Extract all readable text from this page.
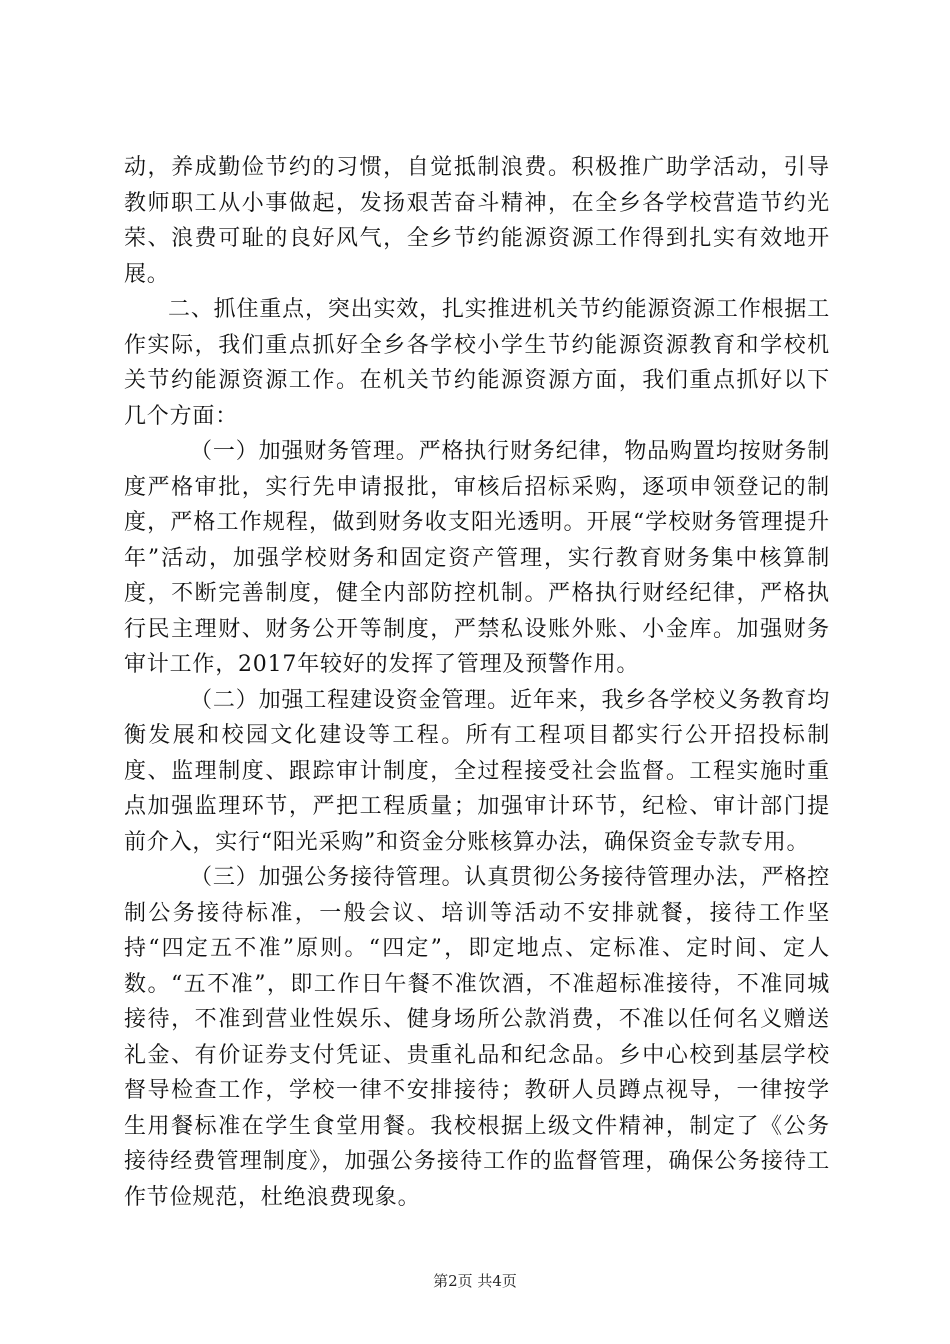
动，养成勤俭节约的习惯，自觉抵制浪费。积极推广助学活动，引导教师职工从小事做起，发扬艰苦奋斗精神，在全乡各学校营造节约光荣、浪费可耻的良好风气，全乡节约能源资源工作得到扎实有效地开展。

二、抓住重点，突出实效，扎实推进机关节约能源资源工作根据工作实际，我们重点抓好全乡各学校小学生节约能源资源教育和学校机关节约能源资源工作。在机关节约能源资源方面，我们重点抓好以下几个方面：

（一）加强财务管理。严格执行财务纪律，物品购置均按财务制度严格审批，实行先申请报批，审核后招标采购，逐项申领登记的制度，严格工作规程，做到财务收支阳光透明。开展“学校财务管理提升年”活动，加强学校财务和固定资产管理，实行教育财务集中核算制度，不断完善制度，健全内部防控机制。严格执行财经纪律，严格执行民主理财、财务公开等制度，严禁私设账外账、小金库。加强财务审计工作，2017年较好的发挥了管理及预警作用。

（二）加强工程建设资金管理。近年来，我乡各学校义务教育均衡发展和校园文化建设等工程。所有工程项目都实行公开招投标制度、监理制度、跟踪审计制度，全过程接受社会监督。工程实施时重点加强监理环节，严把工程质量；加强审计环节，纪检、审计部门提前介入，实行“阳光采购”和资金分账核算办法，确保资金专款专用。

（三）加强公务接待管理。认真贯彻公务接待管理办法，严格控制公务接待标准，一般会议、培训等活动不安排就餐，接待工作坚持“四定五不准”原则。“四定”，即定地点、定标准、定时间、定人数。“五不准”，即工作日午餐不准饮酒，不准超标准接待，不准同城接待，不准到营业性娱乐、健身场所公款消费，不准以任何名义赠送礼金、有价证券支付凭证、贵重礼品和纪念品。乡中心校到基层学校督导检查工作，学校一律不安排接待；教研人员蹲点视导，一律按学生用餐标准在学生食堂用餐。我校根据上级文件精神，制定了《公务接待经费管理制度》，加强公务接待工作的监督管理，确保公务接待工作节俭规范，杜绝浪费现象。

第2页 共4页
